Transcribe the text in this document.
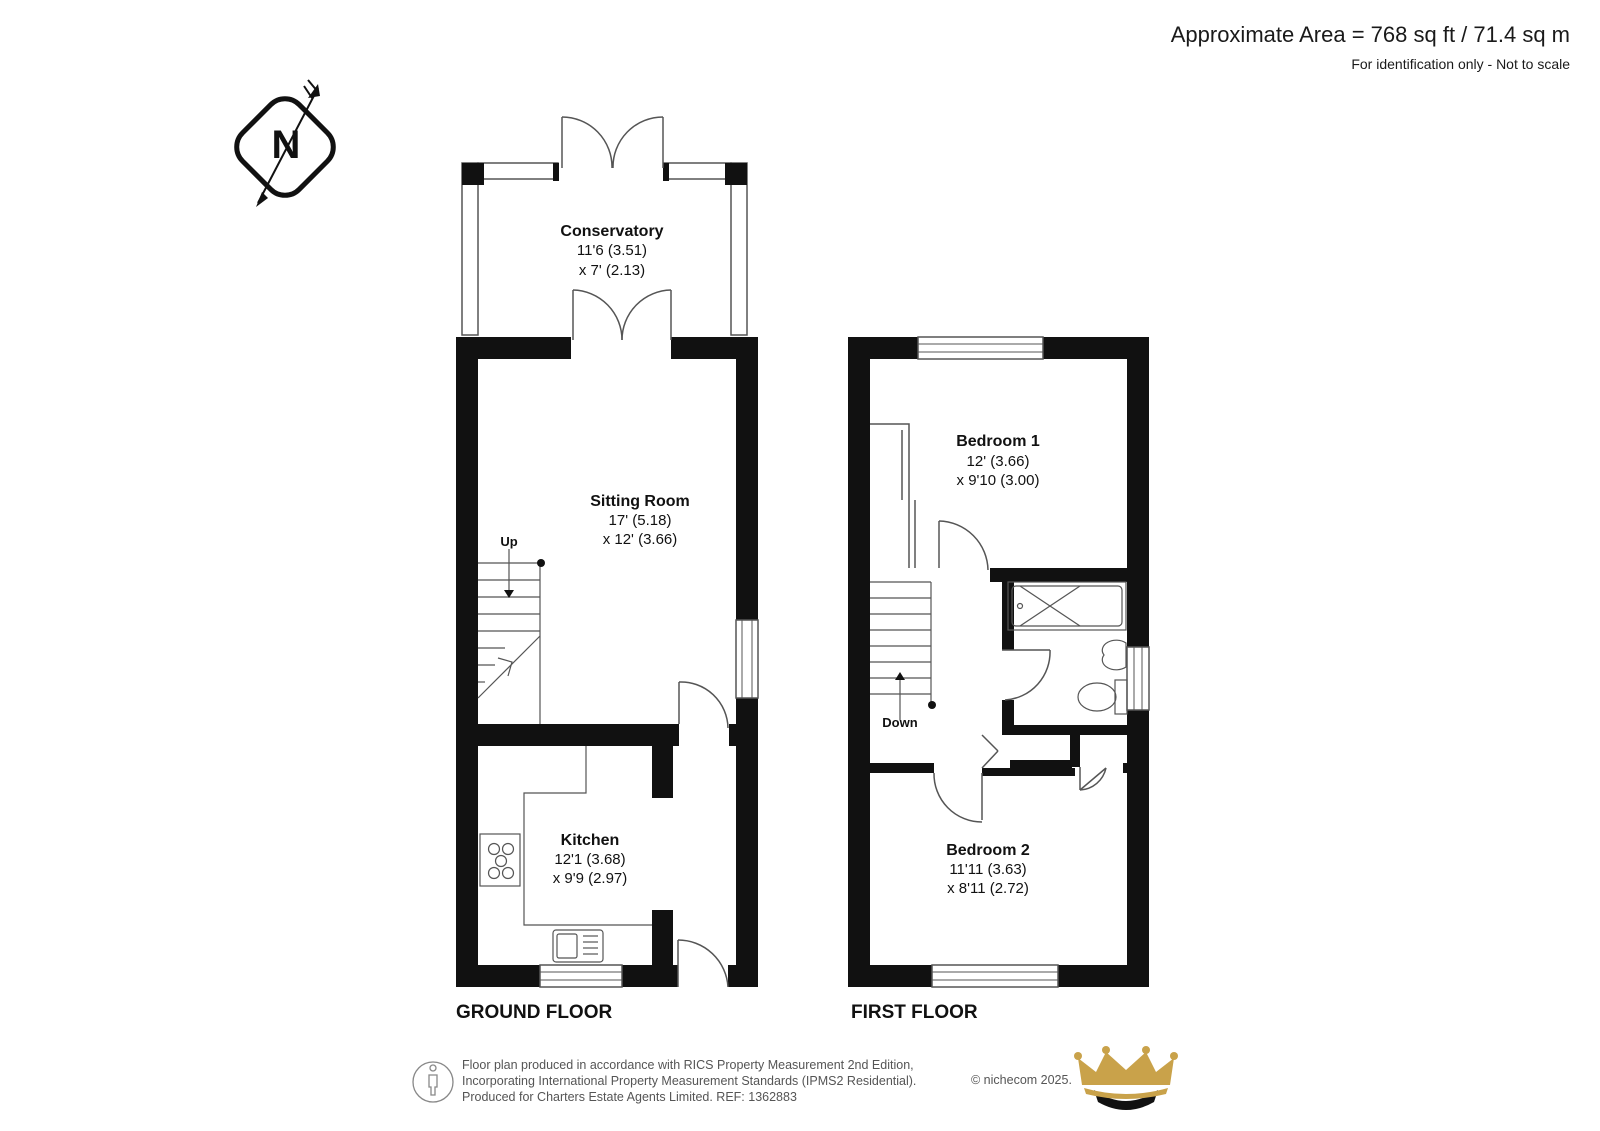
Approximate Area = 768 sq ft / 71.4 sq m
For identification only - Not to scale
N
Up
Conservatory
11'6 (3.51)
x 7' (2.13)
Sitting Room
17' (5.18)
x 12' (3.66)
Kitchen
12'1 (3.68)
x 9'9 (2.97)
GROUND FLOOR
Down
Bedroom 1
12' (3.66)
x 9'10 (3.00)
Bedroom 2
11'11 (3.63)
x 8'11 (2.72)
FIRST FLOOR
Floor plan produced in accordance with RICS Property Measurement 2nd Edition,
Incorporating International Property Measurement Standards (IPMS2 Residential).
Produced for Charters Estate Agents Limited. REF: 1362883
© nichecom 2025.
